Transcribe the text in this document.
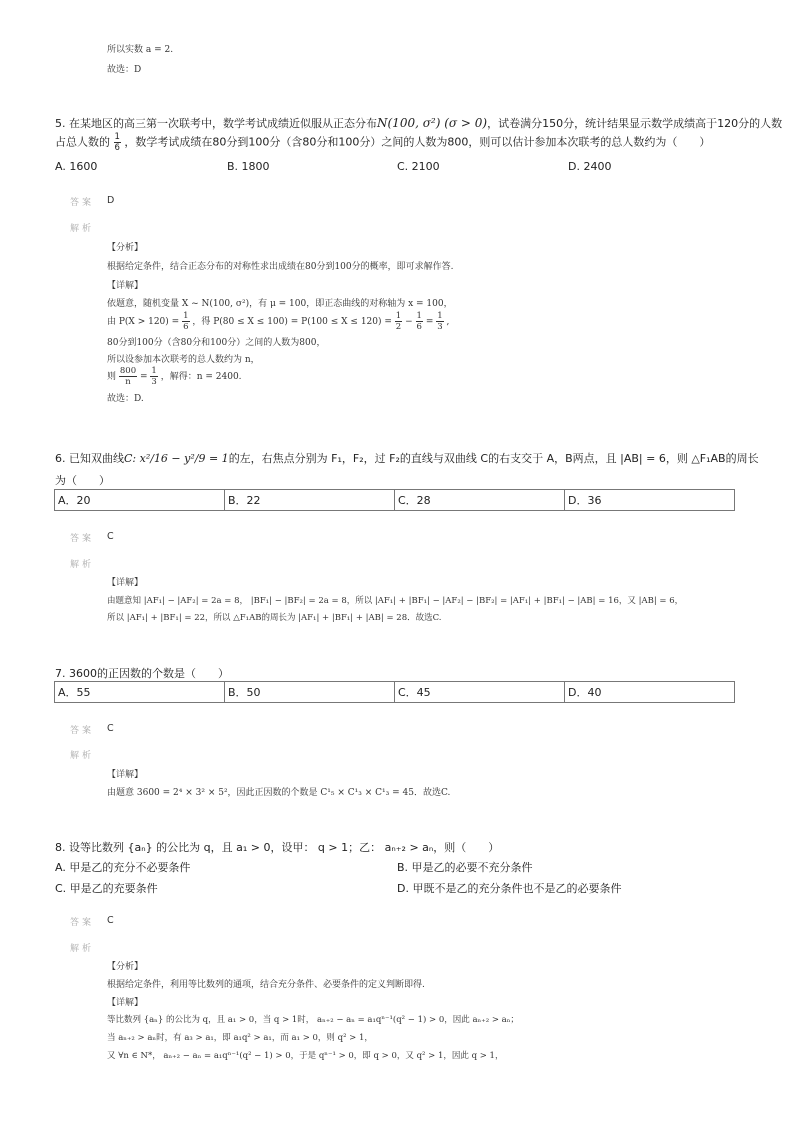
所以实数 a = 2.
故选：D
5. 在某地区的高三第一次联考中，数学考试成绩近似服从正态分布N(100, σ²) (σ > 0)，试卷满分150分，统计结果显示数学成绩高于120分的人数
占总人数的 $\frac{1}{6}$ ，数学考试成绩在80分到100分（含80分和100分）之间的人数为800，则可以估计参加本次联考的总人数约为（　　）
A. 1600	B. 1800	C. 2100	D. 2400
答案 D
解析
【分析】
根据给定条件，结合正态分布的对称性求出成绩在80分到100分的概率，即可求解作答.
【详解】
依题意，随机变量 X ~ N(100, σ²)，有 μ = 100，即正态曲线的对称轴为 x = 100，
由 $P(X > 120) = \frac{1}{6}$ ，得 $P(80 \le X \le 100) = P(100 \le X \le 120) = \frac{1}{2} - \frac{1}{6} = \frac{1}{3}$ ,
80分到100分（含80分和100分）之间的人数为800，
所以设参加本次联考的总人数约为 n，
则 $\frac{800}{n} = \frac{1}{3}$ ，解得：n = 2400.
故选：D.
6. 已知双曲线C: x²/16 − y²/9 = 1的左，右焦点分别为 F₁，F₂，过 F₂的直线与双曲线 C的右支交于 A，B两点，且 |AB| = 6，则 △F₁AB的周长
为（　　）
A．20	B．22	C．28	D．36
答案 C
解析
【详解】
由题意知 |AF₁| − |AF₂| = 2a = 8， |BF₁| − |BF₂| = 2a = 8，所以 |AF₁| + |BF₁| − |AF₂| − |BF₂| = |AF₁| + |BF₁| − |AB| = 16，又 |AB| = 6，
所以 |AF₁| + |BF₁| = 22，所以 △F₁AB的周长为 |AF₁| + |BF₁| + |AB| = 28．故选C.
7. 3600的正因数的个数是（　　）
A．55	B．50	C．45	D．40
答案 C
解析
【详解】
由题意 3600 = 2⁴ × 3² × 5²，因此正因数的个数是 C¹₅ × C¹₃ × C¹₃ = 45．故选C.
8. 设等比数列 {aₙ} 的公比为 q，且 a₁ > 0，设甲： q > 1；乙： aₙ₊₂ > aₙ，则（　　）
A. 甲是乙的充分不必要条件	B. 甲是乙的必要不充分条件
C. 甲是乙的充要条件	D. 甲既不是乙的充分条件也不是乙的必要条件
答案 C
解析
【分析】
根据给定条件，利用等比数列的通项，结合充分条件、必要条件的定义判断即得.
【详解】
等比数列 {aₙ} 的公比为 q，且 a₁ > 0，当 q > 1时， aₙ₊₂ − aₙ = a₁qⁿ⁻¹(q² − 1) > 0，因此 aₙ₊₂ > aₙ；
当 aₙ₊₂ > aₙ时，有 a₃ > a₁，即 a₁q² > a₁，而 a₁ > 0，则 q² > 1，
又 ∀n ∈ N*， aₙ₊₂ − aₙ = a₁qⁿ⁻¹(q² − 1) > 0，于是 qⁿ⁻¹ > 0，即 q > 0，又 q² > 1，因此 q > 1，
